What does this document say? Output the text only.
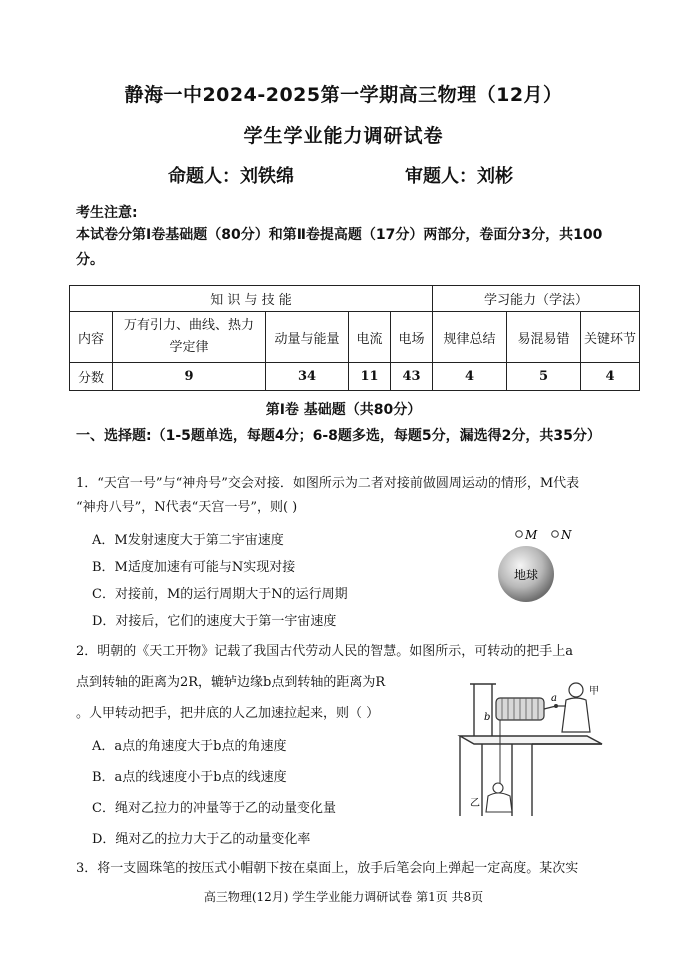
静海一中2024-2025第一学期高三物理（12月）
学生学业能力调研试卷
命题人：刘铁绵	审题人：刘彬
考生注意:
本试卷分第Ⅰ卷基础题（80分）和第Ⅱ卷提高题（17分）两部分，卷面分3分，共100分。
知 识 与 技 能					学习能力（学法）		
内容	万有引力、曲线、热力学定律	动量与能量	电流	电场	规律总结	易混易错	关键环节
分数	9	34	11	43	4	5	4
第Ⅰ卷 基础题（共80分）
一、选择题:（1-5题单选，每题4分；6-8题多选，每题5分，漏选得2分，共35分）
1．“天宫一号”与“神舟号”交会对接．如图所示为二者对接前做圆周运动的情形，M代表
“神舟八号”，N代表“天宫一号”，则( )
A．M发射速度大于第二宇宙速度
B．M适度加速有可能与N实现对接
C．对接前，M的运行周期大于N的运行周期
D．对接后，它们的速度大于第一宇宙速度
地球
M N
2．明朝的《天工开物》记载了我国古代劳动人民的智慧。如图所示，可转动的把手上a
点到转轴的距离为2R，辘轳边缘b点到转轴的距离为R
。人甲转动把手，把井底的人乙加速拉起来，则（ ）
A．a点的角速度大于b点的角速度
B．a点的线速度小于b点的线速度
C．绳对乙拉力的冲量等于乙的动量变化量
D．绳对乙的拉力大于乙的动量变化率
b
a
甲
乙
3．将一支圆珠笔的按压式小帽朝下按在桌面上，放手后笔会向上弹起一定高度。某次实
高三物理(12月) 学生学业能力调研试卷 第1页 共8页
